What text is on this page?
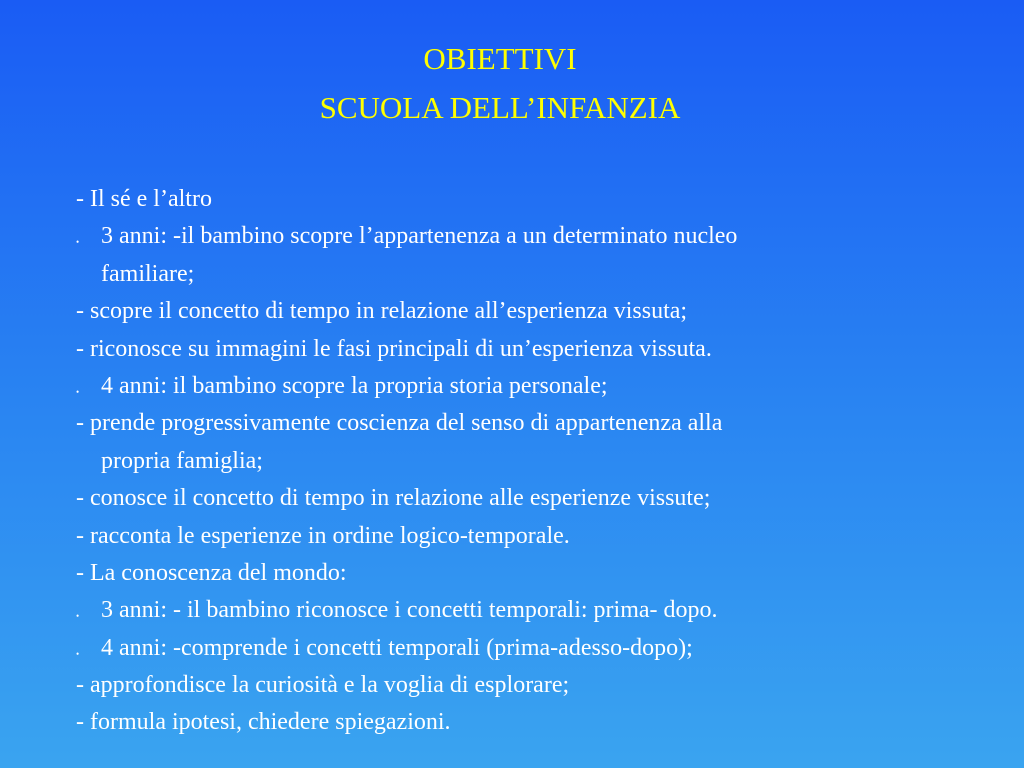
OBIETTIVI
SCUOLA DELL’INFANZIA
- Il sé e l’altro
• 3 anni: -il bambino scopre l’appartenenza a un determinato nucleo
familiare;
- scopre il concetto di tempo in relazione all’esperienza vissuta;
- riconosce su immagini le fasi principali di un’esperienza vissuta.
• 4 anni: il bambino scopre la propria storia personale;
- prende progressivamente coscienza del senso di appartenenza alla
propria famiglia;
- conosce il concetto di tempo in relazione alle esperienze vissute;
- racconta le esperienze in ordine logico-temporale.
- La conoscenza del mondo:
• 3 anni: - il bambino riconosce i concetti temporali: prima- dopo.
• 4 anni: -comprende i concetti temporali (prima-adesso-dopo);
- approfondisce la curiosità e la voglia di esplorare;
- formula ipotesi, chiedere spiegazioni.
